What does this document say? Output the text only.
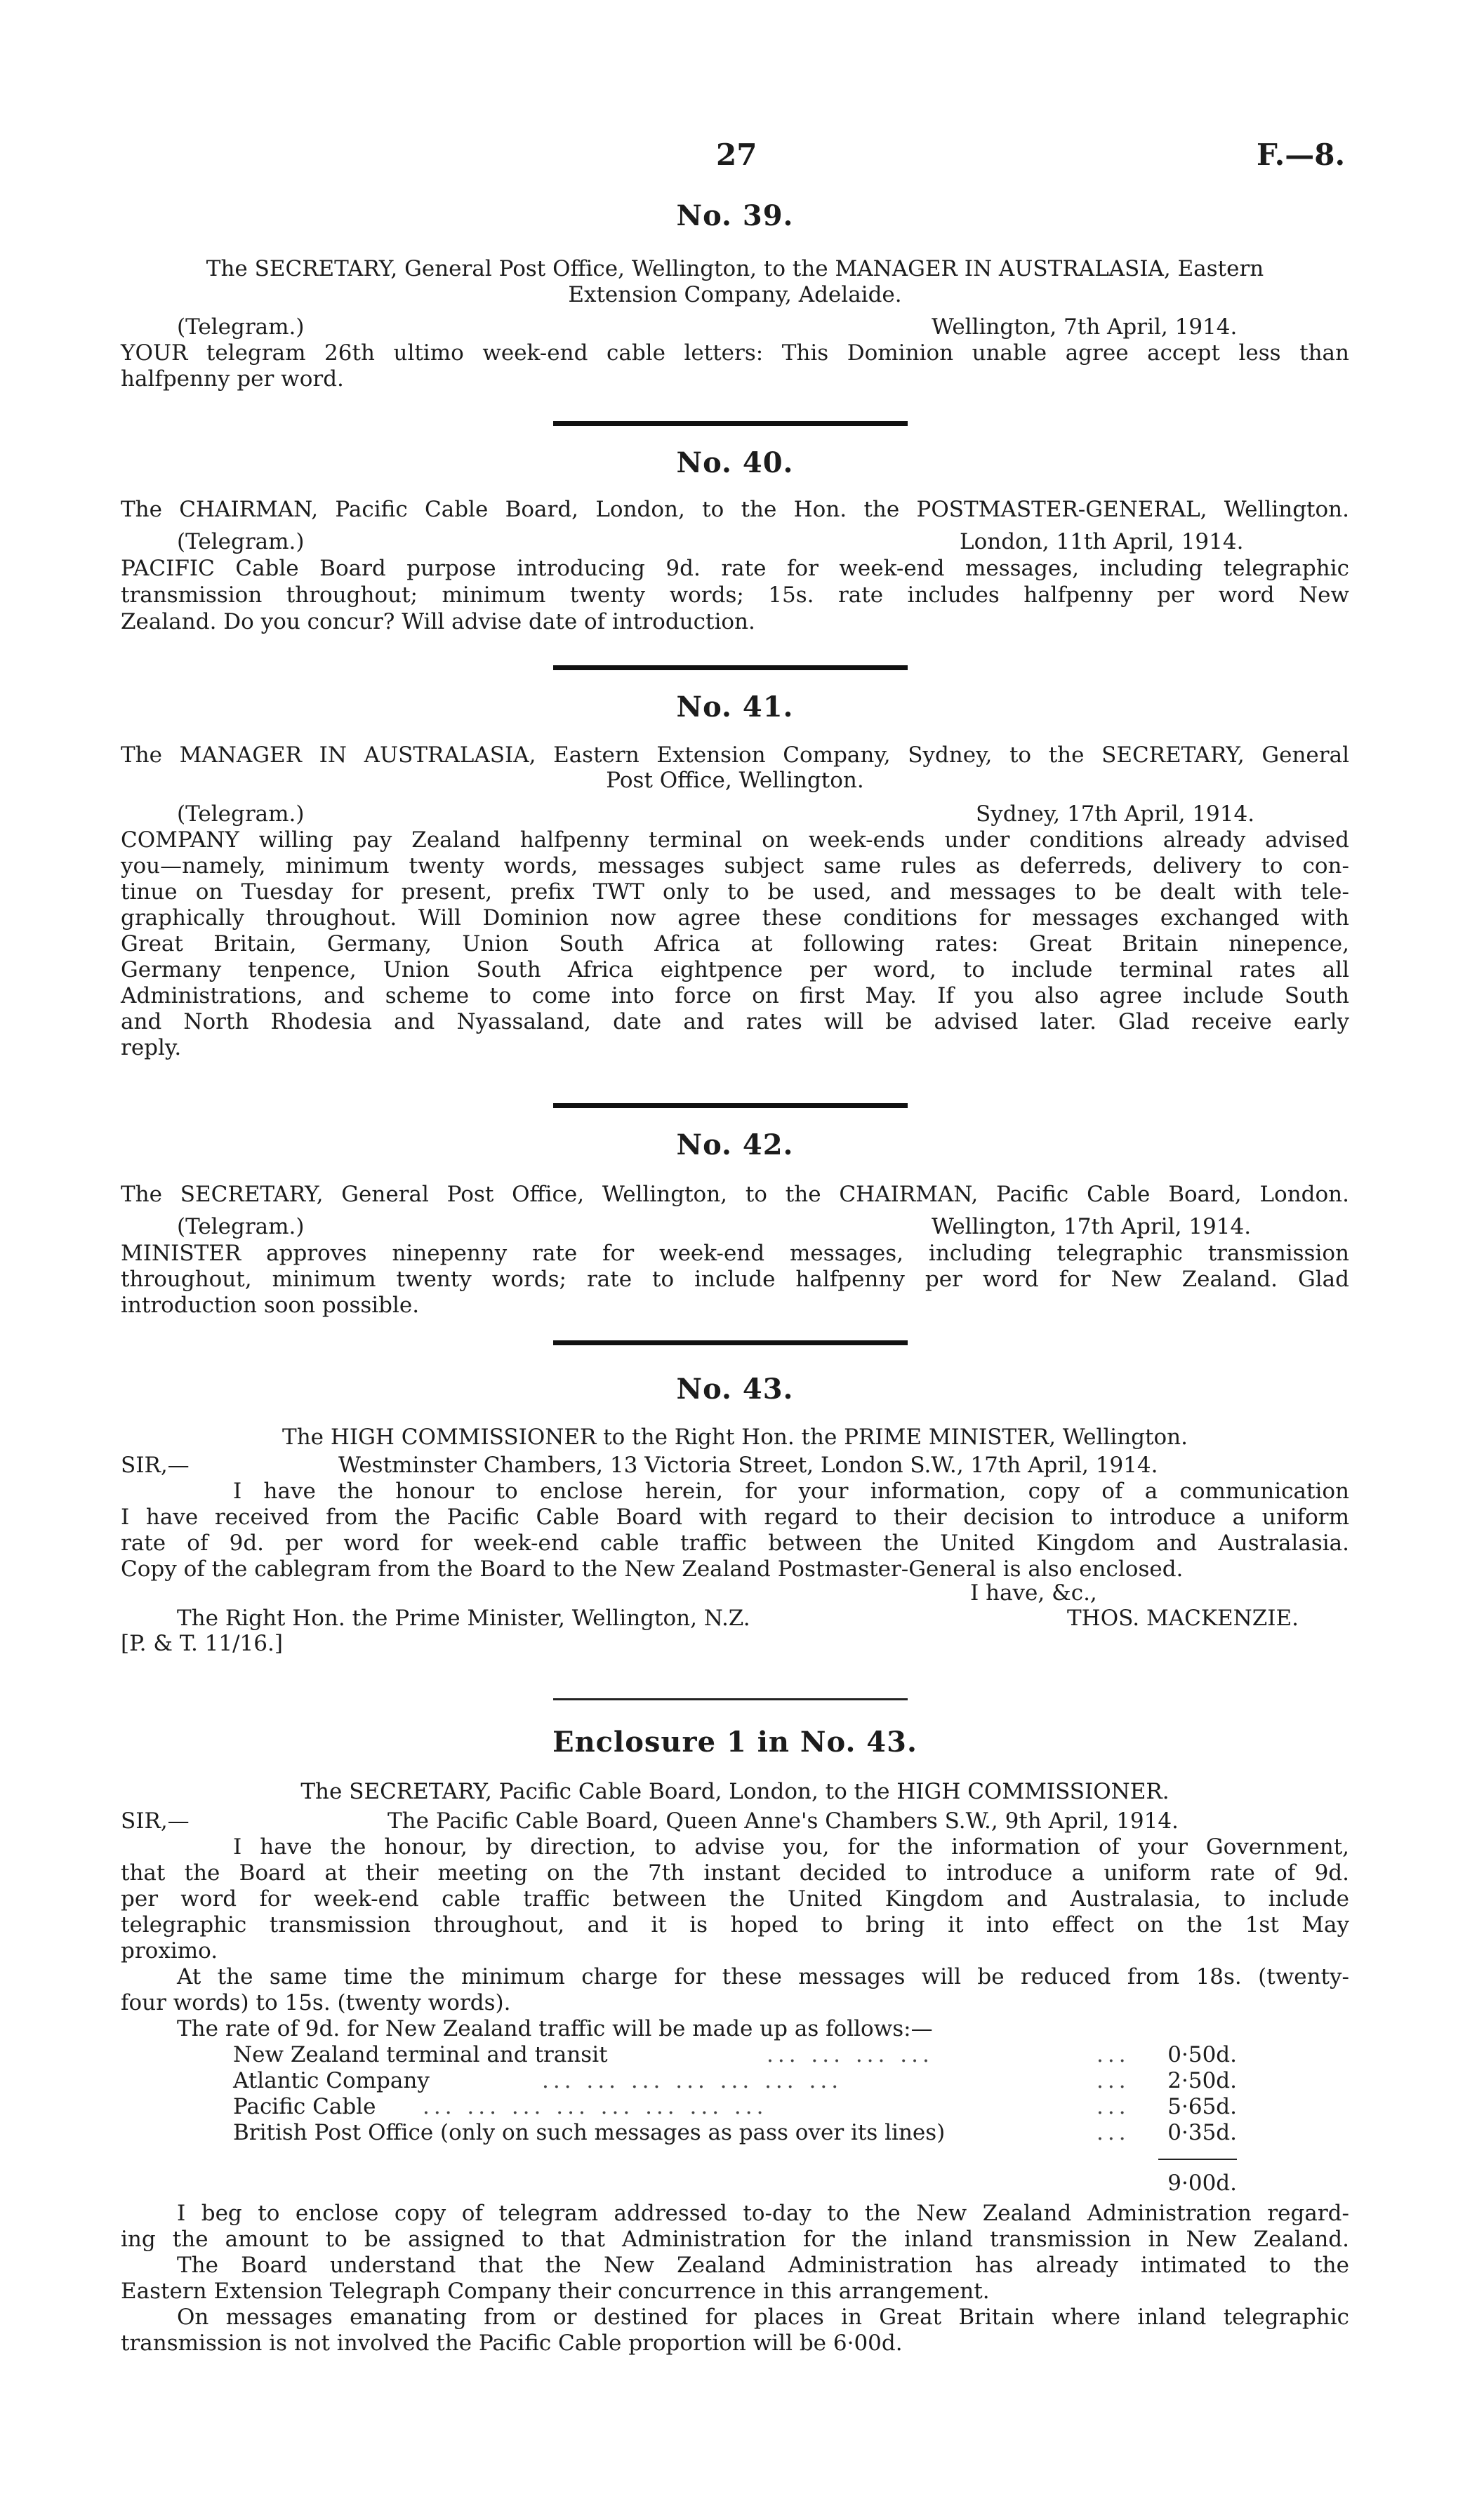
27	F.—8.
No. 39.
The SECRETARY, General Post Office, Wellington, to the MANAGER IN AUSTRALASIA, Eastern
Extension Company, Adelaide.
(Telegram.)	Wellington, 7th April, 1914.
YOUR telegram 26th ultimo week-end cable letters: This Dominion unable agree accept less than
halfpenny per word.
No. 40.
The CHAIRMAN, Pacific Cable Board, London, to the Hon. the POSTMASTER-GENERAL, Wellington.
(Telegram.)	London, 11th April, 1914.
PACIFIC Cable Board purpose introducing 9d. rate for week-end messages, including telegraphic
transmission throughout; minimum twenty words; 15s. rate includes halfpenny per word New
Zealand. Do you concur? Will advise date of introduction.
No. 41.
The MANAGER IN AUSTRALASIA, Eastern Extension Company, Sydney, to the SECRETARY, General
Post Office, Wellington.
(Telegram.)	Sydney, 17th April, 1914.
COMPANY willing pay Zealand halfpenny terminal on week-ends under conditions already advised
you—namely, minimum twenty words, messages subject same rules as deferreds, delivery to con-
tinue on Tuesday for present, prefix TWT only to be used, and messages to be dealt with tele-
graphically throughout. Will Dominion now agree these conditions for messages exchanged with
Great Britain, Germany, Union South Africa at following rates: Great Britain ninepence,
Germany tenpence, Union South Africa eightpence per word, to include terminal rates all
Administrations, and scheme to come into force on first May. If you also agree include South
and North Rhodesia and Nyassaland, date and rates will be advised later. Glad receive early
reply.
No. 42.
The SECRETARY, General Post Office, Wellington, to the CHAIRMAN, Pacific Cable Board, London.
(Telegram.)	Wellington, 17th April, 1914.
MINISTER approves ninepenny rate for week-end messages, including telegraphic transmission
throughout, minimum twenty words; rate to include halfpenny per word for New Zealand. Glad
introduction soon possible.
No. 43.
The HIGH COMMISSIONER to the Right Hon. the PRIME MINISTER, Wellington.
SIR,—	Westminster Chambers, 13 Victoria Street, London S.W., 17th April, 1914.
I have the honour to enclose herein, for your information, copy of a communication
I have received from the Pacific Cable Board with regard to their decision to introduce a uniform
rate of 9d. per word for week-end cable traffic between the United Kingdom and Australasia.
Copy of the cablegram from the Board to the New Zealand Postmaster-General is also enclosed.
I have, &c.,
The Right Hon. the Prime Minister, Wellington, N.Z.	THOS. MACKENZIE.
[P. & T. 11/16.]
Enclosure 1 in No. 43.
The SECRETARY, Pacific Cable Board, London, to the HIGH COMMISSIONER.
SIR,—	The Pacific Cable Board, Queen Anne's Chambers S.W., 9th April, 1914.
I have the honour, by direction, to advise you, for the information of your Government,
that the Board at their meeting on the 7th instant decided to introduce a uniform rate of 9d.
per word for week-end cable traffic between the United Kingdom and Australasia, to include
telegraphic transmission throughout, and it is hoped to bring it into effect on the 1st May
proximo.
At the same time the minimum charge for these messages will be reduced from 18s. (twenty-
four words) to 15s. (twenty words).
The rate of 9d. for New Zealand traffic will be made up as follows:—
New Zealand terminal and transit	... ... ... ...	...	0·50d.
Atlantic Company	... ... ... ... ... ... ...	...	2·50d.
Pacific Cable ... ... ... ... ... ... ... ...	...	5·65d.
British Post Office (only on such messages as pass over its lines)	...	0·35d.
9·00d.
I beg to enclose copy of telegram addressed to-day to the New Zealand Administration regard-
ing the amount to be assigned to that Administration for the inland transmission in New Zealand.
The Board understand that the New Zealand Administration has already intimated to the
Eastern Extension Telegraph Company their concurrence in this arrangement.
On messages emanating from or destined for places in Great Britain where inland telegraphic
transmission is not involved the Pacific Cable proportion will be 6·00d.
